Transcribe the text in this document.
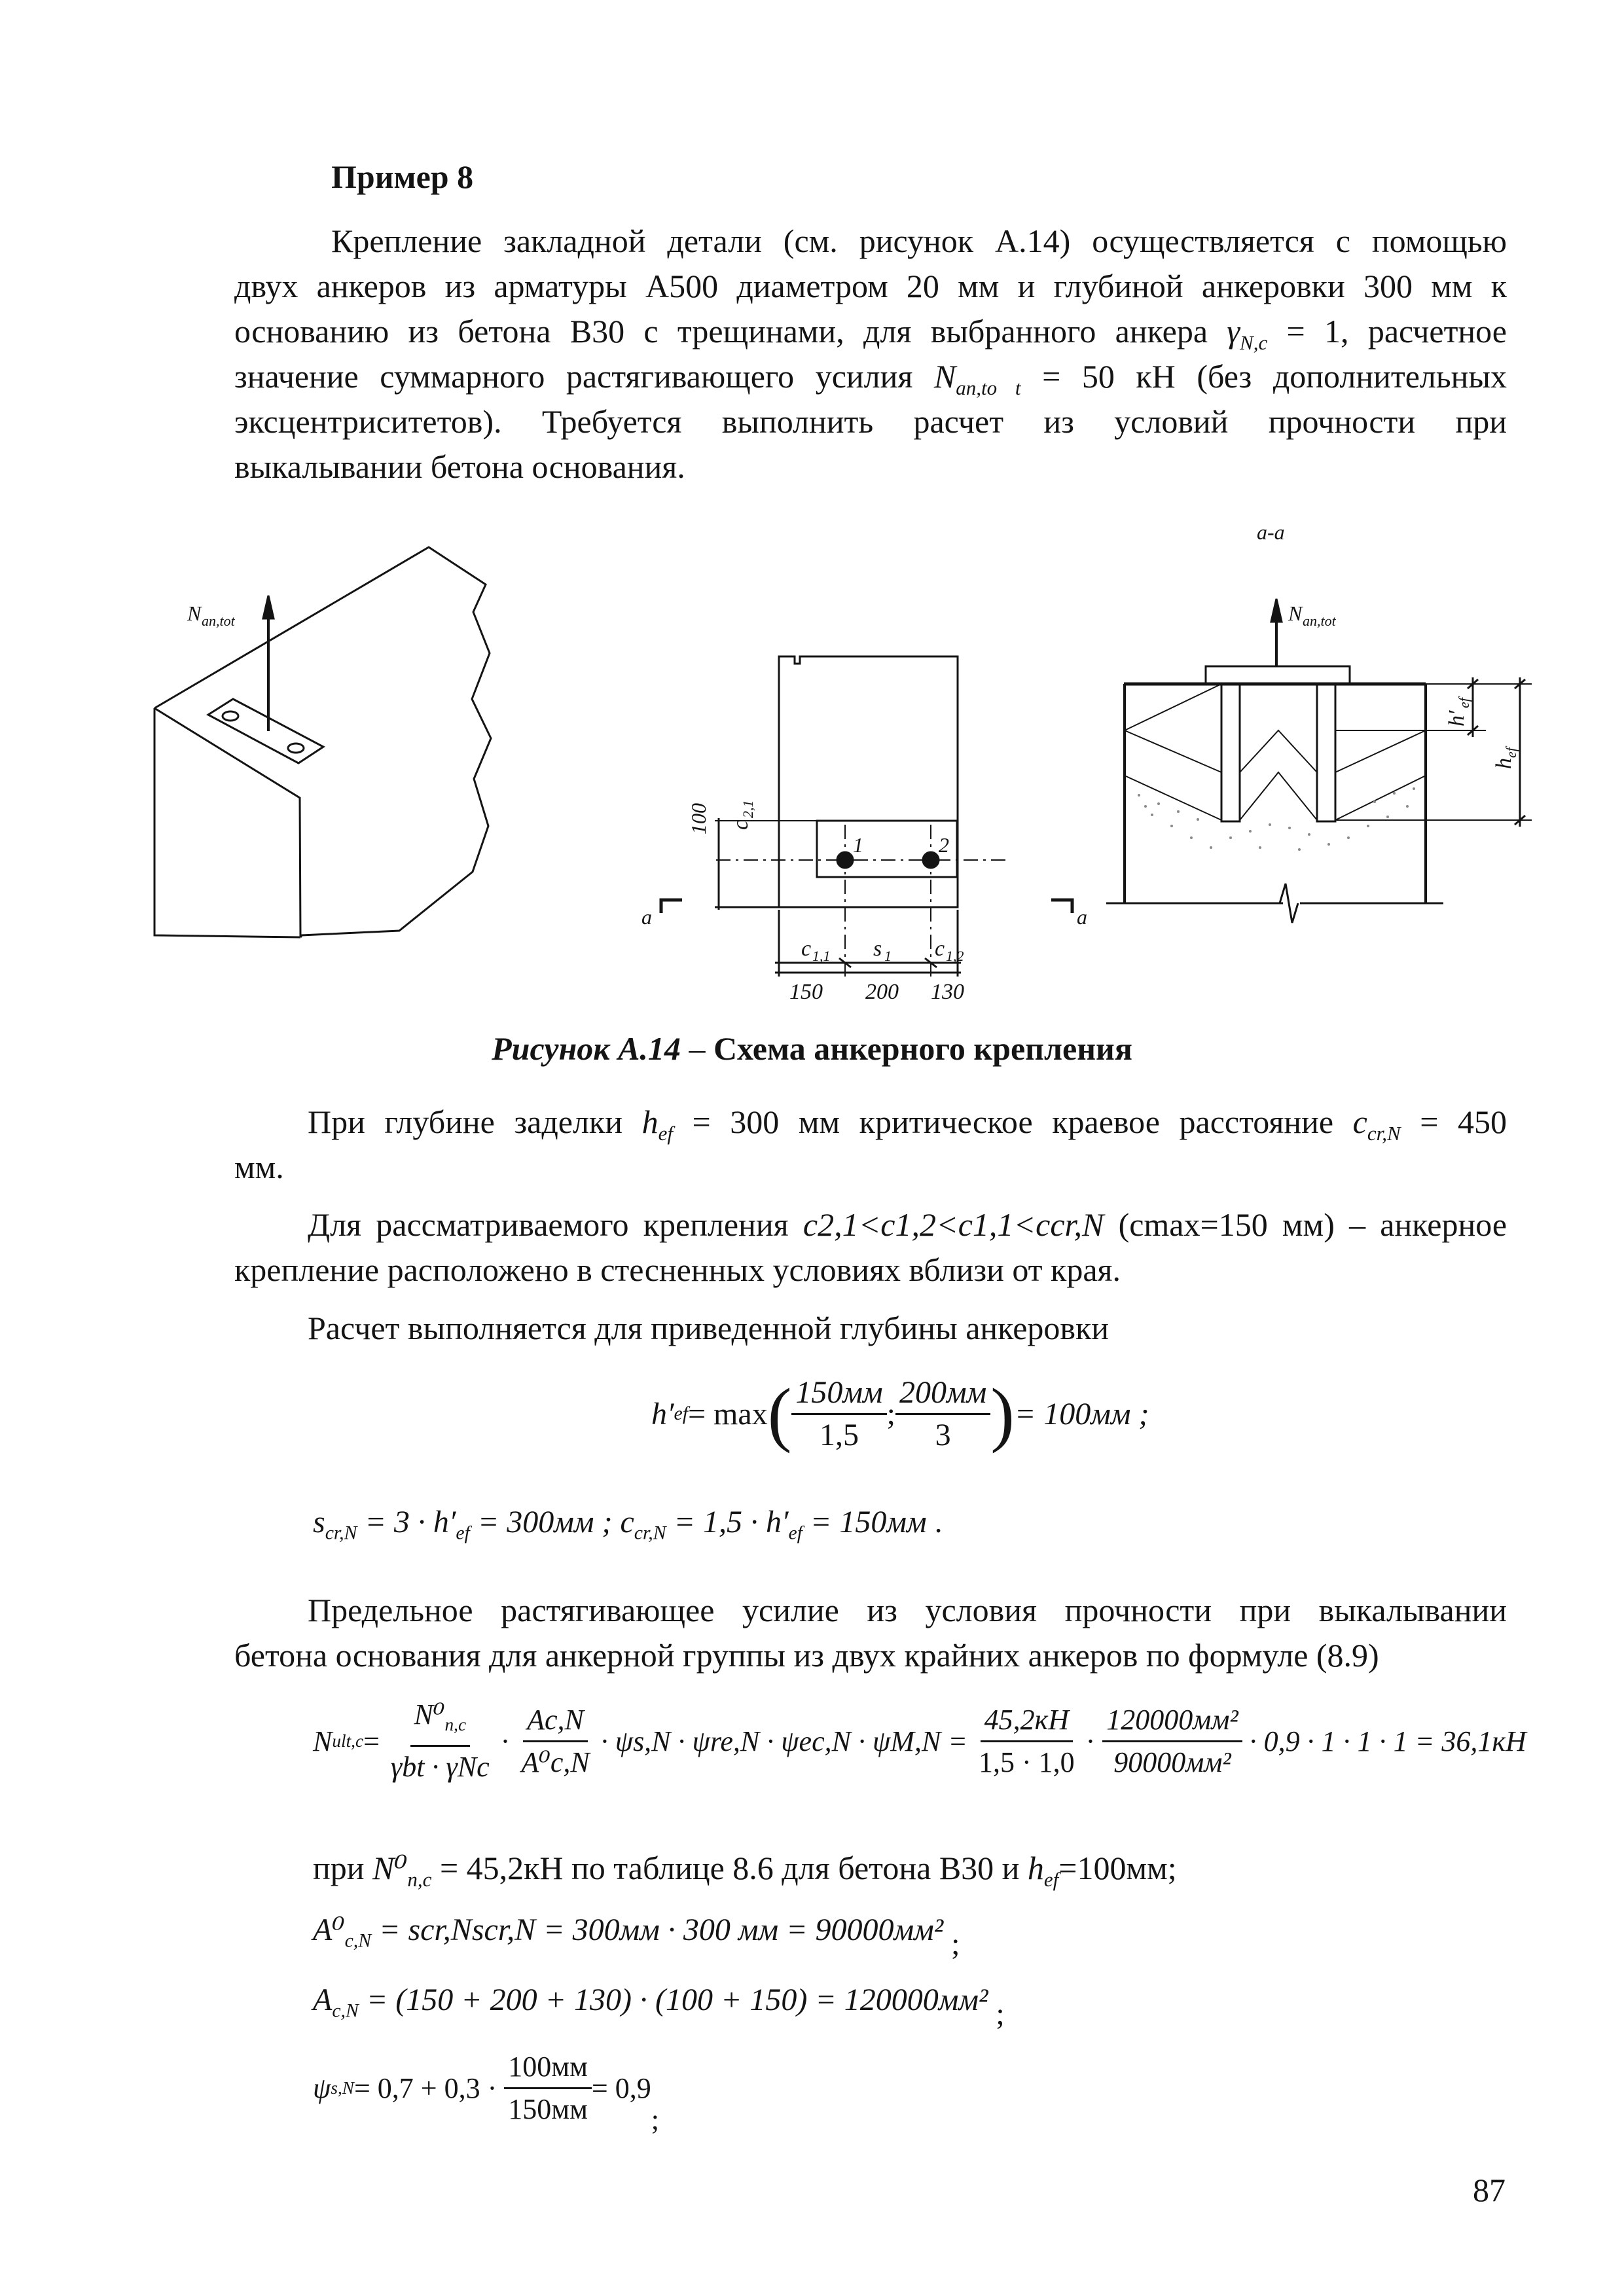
Пример 8
Крепление закладной детали (см. рисунок А.14) осуществляется с помощью
двух анкеров из арматуры А500 диаметром 20 мм и глубиной анкеровки 300 мм к
основанию из бетона В30 с трещинами, для выбранного анкера $\gamma_{N,c} = 1$, расчетное
значение суммарного растягивающего усилия $N_{an,to t} = 50$ кН (без дополнительных
эксцентриситетов). Требуется выполнить расчет из условий прочности при
выкалывании бетона основания.
N an,tot
100 c
2,1
1	2
а	а
c 1,1 s 1 c 1,2
150 200 130
а-а
N an,tot
h′
ef
h
ef
Рисунок А.14 – Схема анкерного крепления
При глубине заделки $h_{ef} = 300$ мм критическое краевое расстояние $c_{cr,N} = 450$
мм.
Для рассматриваемого крепления c2,1<c1,2<c1,1<ccr,N (cmax=150 мм) – анкерное
крепление расположено в стесненных условиях вблизи от края.
Расчет выполняется для приведенной глубины анкеровки
h′ ef = max ( $\frac{150мм}{1,5}$ ; $\frac{200мм}{3}$ ) = 100мм ;
$s_{cr,N} = 3 \cdot h'_{ef} = 300мм$ ; $c_{cr,N} = 1,5 \cdot h'_{ef} = 150мм$ .
Предельное растягивающее усилие из условия прочности при выкалывании
бетона основания для анкерной группы из двух крайних анкеров по формуле (8.9)
N ult,c =
$\frac{N^0_{n,c}}{\text{γbt · γNc}} \cdot \frac{Ac,N}{\text{A⁰c,N}}$
· ψs,N · ψre,N · ψec,N · ψM,N =
$\frac{45,2кН}{1,5 \cdot 1,0} \cdot \frac{\text{120000мм²}}{\text{90000мм²}}$
· 0,9 · 1 · 1 · 1 = 36,1кН
при $N^0_{n,c} = 45,2кН$ по таблице 8.6 для бетона В30 и $h_{ef}=100мм$;
$A^0_{c,N}$ = scr,Nscr,N = 300мм · 300 мм = 90000мм² ;
$A_{c,N} = (150 + 200 + 130) \cdot (100 + 150) = 120000мм^2$ ;
ψ s,N = 0,7 + 0,3 ·
$\frac{100мм}{150мм} = 0,9$
;
87
